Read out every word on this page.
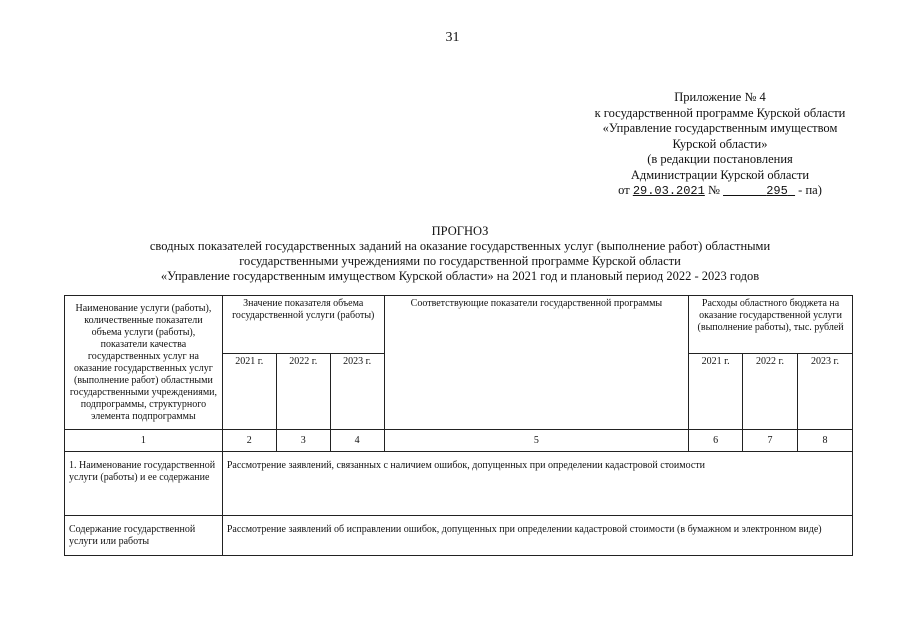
31
Приложение № 4
к государственной программе Курской области
«Управление государственным имуществом
Курской области»
(в редакции постановления
Администрации Курской области
от 29.03.2021 №	295 - па)
ПРОГНОЗ
сводных показателей государственных заданий на оказание государственных услуг (выполнение работ) областными
государственными учреждениями по государственной программе Курской области
«Управление государственным имуществом Курской области» на 2021 год и плановый период 2022 - 2023 годов
Наименование услуги (работы), количественные показатели объема услуги (работы), показатели качества государственных услуг на оказание государственных услуг (выполнение работ) областными государственными учреждениями, подпрограммы, структурного элемента подпрограммы	Значение показателя объема государственной услуги (работы)			Соответствующие показатели государственной программы	Расходы областного бюджета на оказание государственной услуги (выполнение работы), тыс. рублей		
	2021 г.	2022 г.	2023 г.		2021 г.	2022 г.	2023 г.
1	2	3	4	5	6	7	8
1. Наименование государственной услуги (работы) и ее содержание	Рассмотрение заявлений, связанных с наличием ошибок, допущенных при определении кадастровой стоимости						
Содержание государственной услуги или работы	Рассмотрение заявлений об исправлении ошибок, допущенных при определении кадастровой стоимости (в бумажном и электронном виде)						
